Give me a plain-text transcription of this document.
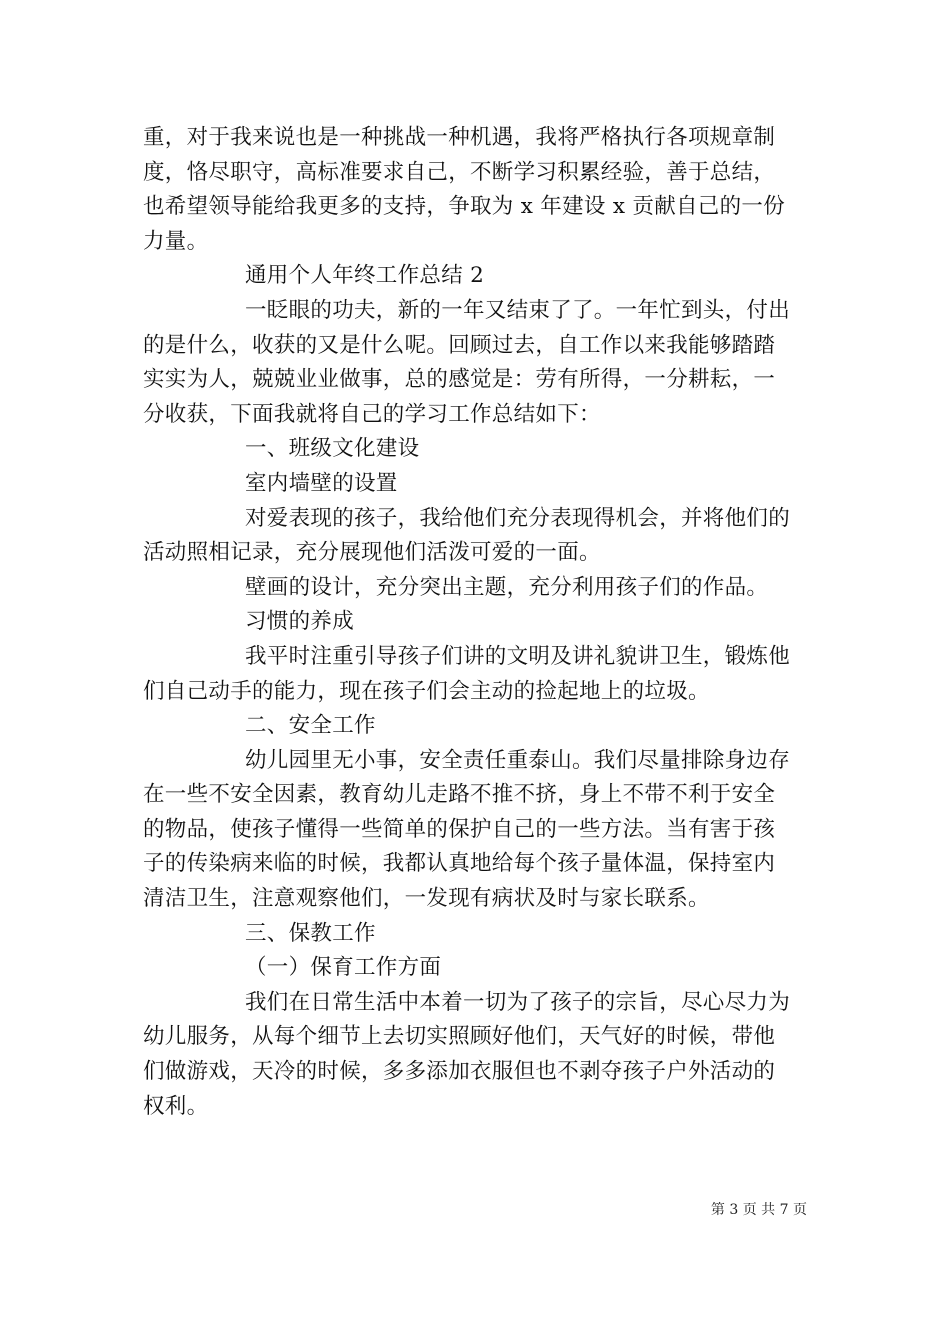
重，对于我来说也是一种挑战一种机遇，我将严格执行各项规章制
度，恪尽职守，高标准要求自己，不断学习积累经验，善于总结，
也希望领导能给我更多的支持，争取为 x 年建设 x 贡献自己的一份
力量。
通用个人年终工作总结 2
一眨眼的功夫，新的一年又结束了了。一年忙到头，付出
的是什么，收获的又是什么呢。回顾过去，自工作以来我能够踏踏
实实为人，兢兢业业做事，总的感觉是：劳有所得，一分耕耘，一
分收获，下面我就将自己的学习工作总结如下：
一、班级文化建设
室内墙壁的设置
对爱表现的孩子，我给他们充分表现得机会，并将他们的
活动照相记录，充分展现他们活泼可爱的一面。
壁画的设计，充分突出主题，充分利用孩子们的作品。
习惯的养成
我平时注重引导孩子们讲的文明及讲礼貌讲卫生，锻炼他
们自己动手的能力，现在孩子们会主动的捡起地上的垃圾。
二、安全工作
幼儿园里无小事，安全责任重泰山。我们尽量排除身边存
在一些不安全因素，教育幼儿走路不推不挤，身上不带不利于安全
的物品，使孩子懂得一些简单的保护自己的一些方法。当有害于孩
子的传染病来临的时候，我都认真地给每个孩子量体温，保持室内
清洁卫生，注意观察他们，一发现有病状及时与家长联系。
三、保教工作
（一）保育工作方面
我们在日常生活中本着一切为了孩子的宗旨，尽心尽力为
幼儿服务，从每个细节上去切实照顾好他们，天气好的时候，带他
们做游戏，天冷的时候，多多添加衣服但也不剥夺孩子户外活动的
权利。
第 3 页 共 7 页
